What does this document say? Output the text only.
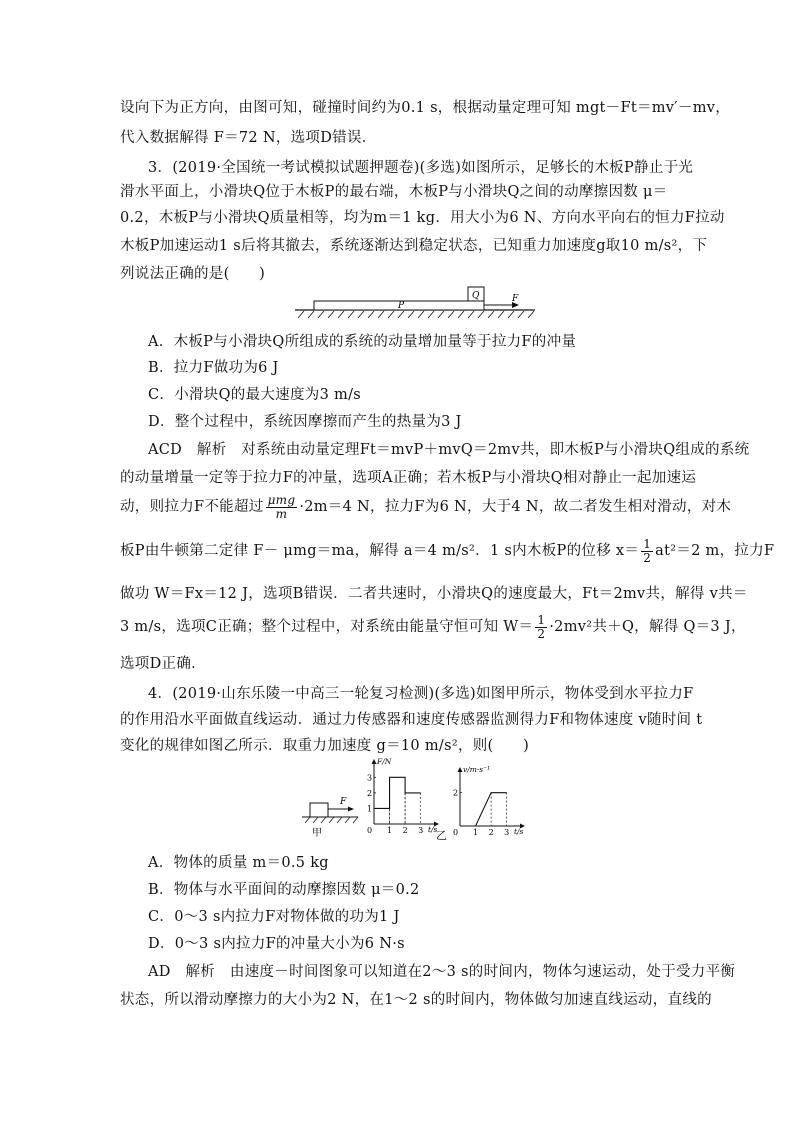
设向下为正方向，由图可知，碰撞时间约为0.1 s，根据动量定理可知 mgt－Ft＝mv′－mv，
代入数据解得 F＝72 N，选项D错误．
3．(2019·全国统一考试模拟试题押题卷)(多选)如图所示，足够长的木板P静止于光
滑水平面上，小滑块Q位于木板P的最右端，木板P与小滑块Q之间的动摩擦因数 μ＝
0.2，木板P与小滑块Q质量相等，均为m＝1 kg．用大小为6 N、方向水平向右的恒力F拉动
木板P加速运动1 s后将其撤去，系统逐渐达到稳定状态，已知重力加速度g取10 m/s²，下
列说法正确的是(　　)
P
Q	F
A．木板P与小滑块Q所组成的系统的动量增加量等于拉力F的冲量
B．拉力F做功为6 J
C．小滑块Q的最大速度为3 m/s
D．整个过程中，系统因摩擦而产生的热量为3 J
ACD　解析　对系统由动量定理Ft＝mvP＋mvQ＝2mv共，即木板P与小滑块Q组成的系统
的动量增量一定等于拉力F的冲量，选项A正确；若木板P与小滑块Q相对静止一起加速运
动，则拉力F不能超过 $\frac{\text{μmg}}{m} \cdot 2m=4$ N，拉力F为6 N，大于4 N，故二者发生相对滑动，对木
板P由牛顿第二定律 F－ μmg＝ma，解得 a＝4 m/s²．1 s内木板P的位移 $x= \frac{1}{2} at^2=2$ m，拉力F
做功 W＝Fx＝12 J，选项B错误．二者共速时，小滑块Q的速度最大，Ft＝2mv共，解得 v共＝
3 m/s，选项C正确；整个过程中，对系统由能量守恒可知 $W= \frac{1}{2} \cdot 2mv^2$共＋Q，解得 Q＝3 J，
选项D正确．
4．(2019·山东乐陵一中高三一轮复习检测)(多选)如图甲所示，物体受到水平拉力F
的作用沿水平面做直线运动．通过力传感器和速度传感器监测得力F和物体速度 v随时间 t
变化的规律如图乙所示．取重力加速度 g＝10 m/s²，则(　　)
F
甲
F/N
t/s
0 1 2 3
1
2
3
乙
v/m·s⁻¹
t/s
0 1 2 3
2
A．物体的质量 m＝0.5 kg
B．物体与水平面间的动摩擦因数 μ＝0.2
C．0～3 s内拉力F对物体做的功为1 J
D．0～3 s内拉力F的冲量大小为6 N·s
AD　解析　由速度－时间图象可以知道在2～3 s的时间内，物体匀速运动，处于受力平衡
状态，所以滑动摩擦力的大小为2 N，在1～2 s的时间内，物体做匀加速直线运动，直线的
